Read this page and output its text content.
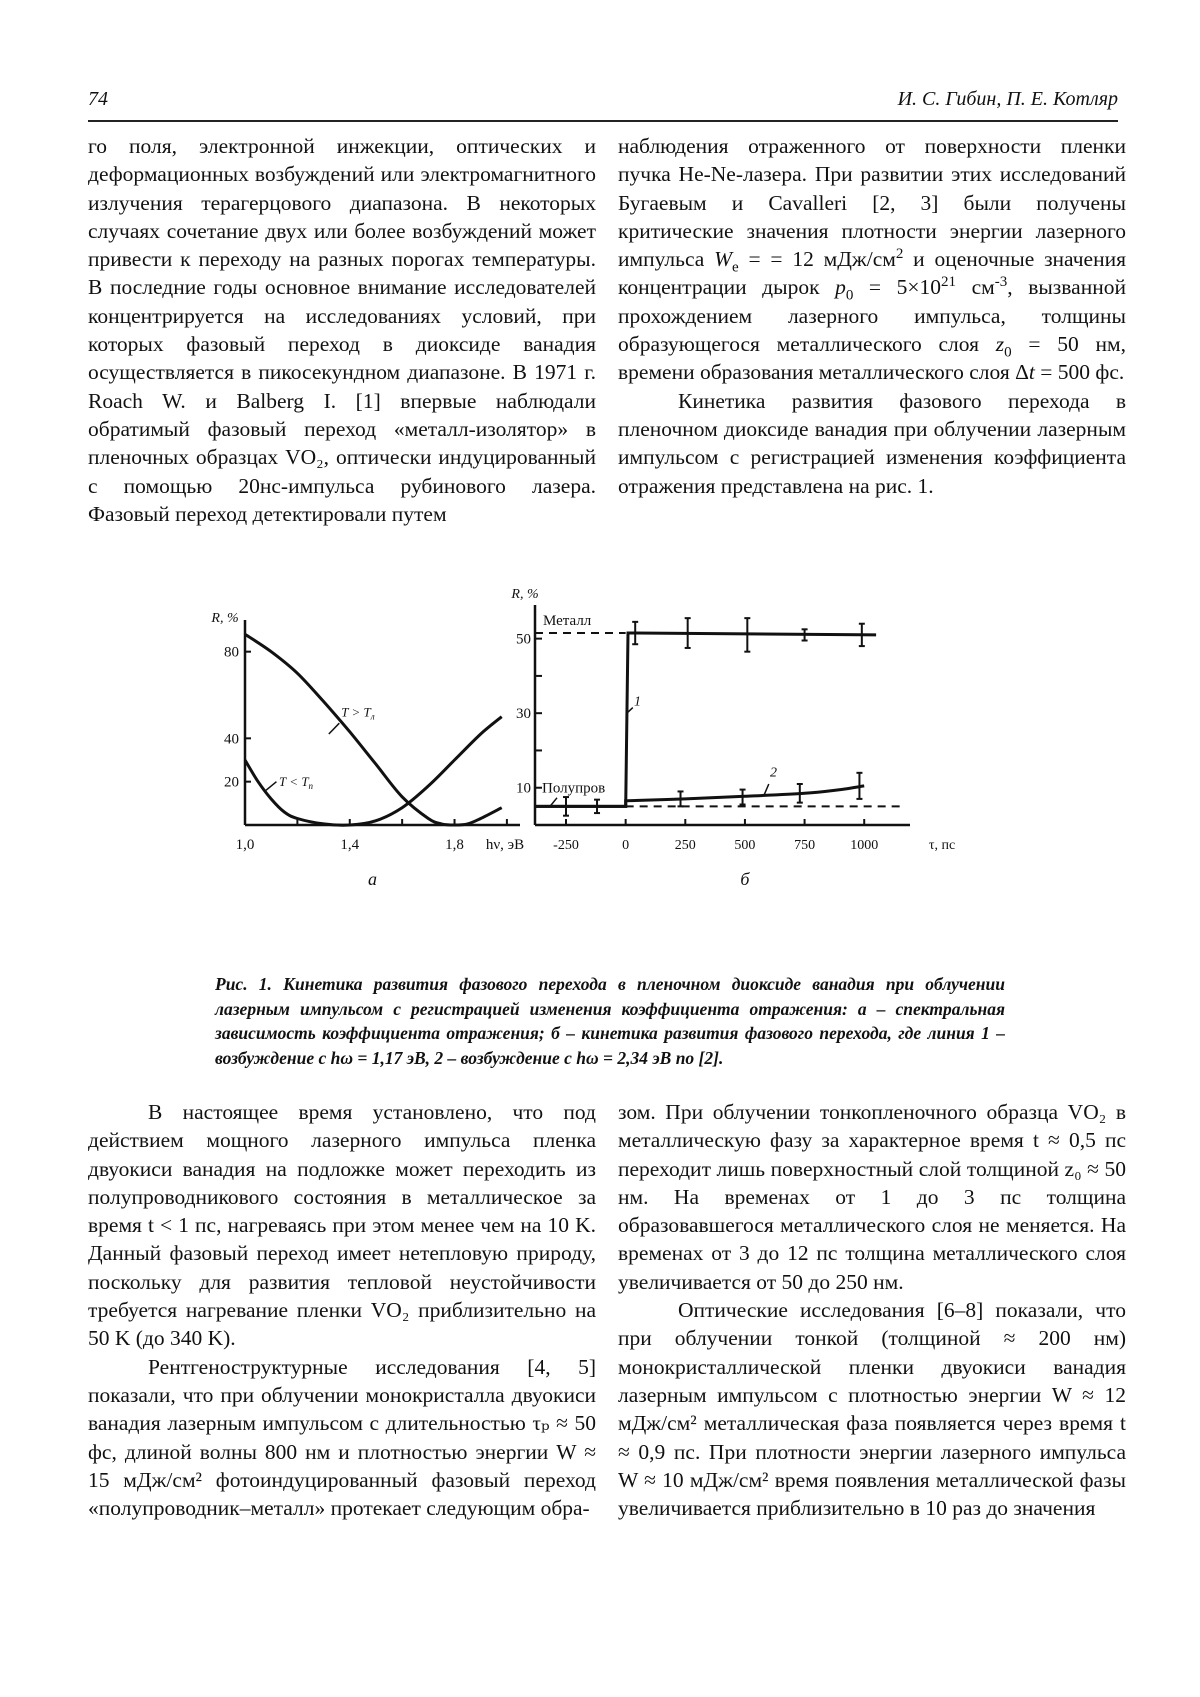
74	И. С. Гибин, П. Е. Котляр

го поля, электронной инжекции, оптических и деформационных возбуждений или электромагнитного излучения терагерцового диапазона. В некоторых случаях сочетание двух или более возбуждений может привести к переходу на разных порогах температуры. В последние годы основное внимание исследователей концентрируется на исследованиях условий, при которых фазовый переход в диоксиде ванадия осуществляется в пикосекундном диапазоне. В 1971 г. Roach W. и Balberg I. [1] впервые наблюдали обратимый фазовый переход «металл-изолятор» в пленочных образцах VO₂, оптически индуцированный с помощью 20нс-импульса рубинового лазера. Фазовый переход детектировали путем

наблюдения отраженного от поверхности пленки пучка He-Ne-лазера. При развитии этих исследований Бугаевым и Cavalleri [2, 3] были получены критические значения плотности энергии лазерного импульса $W_e$ = = 12 мДж/$см^2$ и оценочные значения концентрации дырок $p_0 = 5\times 10^{21}$ $см^{-3}$, вызванной прохождением лазерного импульса, толщины образующегося металлического слоя $z_0 = 50$ нм, времени образования металлического слоя Δt = 500 фс.

Кинетика развития фазового перехода в пленочном диоксиде ванадия при облучении лазерным импульсом с регистрацией изменения коэффициента отражения представлена на рис. 1.

R, %
20
40
80
1,0	1,4	1,8 hν, эВ
$T > T_л$
$T < T_п$
а
R, %
10
30
50
-250	0	250	500	750	1000	τ, пс
Металл
Полупров
1
2
б
Рис. 1. Кинетика развития фазового перехода в пленочном диоксиде ванадия при облучении лазерным импульсом с регистрацией изменения коэффициента отражения: а – спектральная зависимость коэффициента отражения; б – кинетика развития фазового перехода, где линия 1 – возбуждение с hω = 1,17 эВ, 2 – возбуждение с hω = 2,34 эВ по [2].

В настоящее время установлено, что под действием мощного лазерного импульса пленка двуокиси ванадия на подложке может переходить из полупроводникового состояния в металлическое за время t < 1 пс, нагреваясь при этом менее чем на 10 K. Данный фазовый переход имеет нетепловую природу, поскольку для развития тепловой неустойчивости требуется нагревание пленки VO₂ приблизительно на 50 K (до 340 K).

Рентгеноструктурные исследования [4, 5] показали, что при облучении монокристалла двуокиси ванадия лазерным импульсом с длительностью τₚ ≈ 50 фс, длиной волны 800 нм и плотностью энергии W ≈ 15 мДж/см² фотоиндуцированный фазовый переход «полупроводник–металл» протекает следующим обра-

зом. При облучении тонкопленочного образца VO₂ в металлическую фазу за характерное время t ≈ 0,5 пс переходит лишь поверхностный слой толщиной z₀ ≈ 50 нм. На временах от 1 до 3 пс толщина образовавшегося металлического слоя не меняется. На временах от 3 до 12 пс толщина металлического слоя увеличивается от 50 до 250 нм.

Оптические исследования [6–8] показали, что при облучении тонкой (толщиной ≈ 200 нм) монокристаллической пленки двуокиси ванадия лазерным импульсом с плотностью энергии W ≈ 12 мДж/см² металлическая фаза появляется через время t ≈ 0,9 пс. При плотности энергии лазерного импульса W ≈ 10 мДж/см² время появления металлической фазы увеличивается приблизительно в 10 раз до значения
